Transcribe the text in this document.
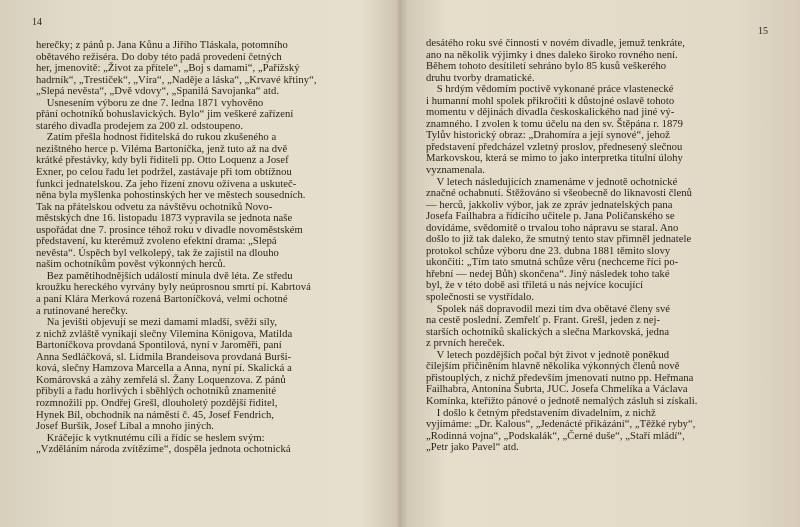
14
herečky; z pánů p. Jana Kůnu a Jiřího Tláskala, potomního
obětavého režiséra. Do doby této padá provedení četných
her, jmenovitě: „Život za přítele“, „Boj s damami“, „Pařížský
hadrník“, „Trestiček“, „Víra“, „Naděje a láska“, „Krvavé křtiny“,
„Slepá nevěsta“, „Dvě vdovy“, „Spanilá Savojanka“ atd.
Usnesením výboru ze dne 7. ledna 1871 vyhověno
přání ochotníků bohuslavických. Bylo“ jim veškeré zařízení
starého divadla prodejem za 200 zl. odstoupeno.
Zatím přešla hodnost řiditelská do rukou zkušeného a
nezištného herce p. Viléma Bartoníčka, jenž tuto až na dvě
krátké přestávky, kdy byli řiditeli pp. Otto Loquenz a Josef
Exner, po celou řadu let podržel, zastávaje při tom obtížnou
funkci jednatelskou. Za jeho řízení znovu ožívena a uskuteč-
něna byla myšlenka pohostinských her ve městech sousedních.
Tak na přátelskou odvetu za návštěvu ochotníků Novo-
městských dne 16. listopadu 1873 vypravila se jednota naše
uspořádat dne 7. prosince téhož roku v divadle novoměstském
představení, ku kterémuž zvoleno efektní drama: „Slepá
nevěsta“. Úspěch byl velkolepý, tak že zajistil na dlouho
našim ochotníkům pověst výkonných herců.
Bez pamětihodnějších událostí minula dvě léta. Ze středu
kroužku hereckého vyrvány byly neúprosnou smrtí pí. Kabrtová
a paní Klára Merková rozená Bartoníčková, velmi ochotné
a rutinované herečky.
Na jevišti objevují se mezi damami mladší, svěží síly,
z nichž zvláště vynikají slečny Vilemína Königova, Matilda
Bartoníčkova provdaná Spontilová, nyní v Jaroměři, paní
Anna Sedláčková, sl. Lidmila Brandeisova provdaná Burši-
ková, slečny Hamzova Marcella a Anna, nyní pí. Skalická a
Komárovská a záhy zemřelá sl. Žany Loquenzova. Z pánů
přibyli a řadu horlivých i sběhlých ochotníků znamenité
rozmnožili pp. Ondřej Grešl, dlouholetý pozdější řiditel,
Hynek Bíl, obchodník na náměstí č. 45, Josef Fendrich,
Josef Buršík, Josef Líbal a mnoho jiných.
Kráčejíc k vytknutému cíli a řídíc se heslem svým:
„Vzděláním národa zvítězíme“, dospěla jednota ochotnická
15
desátého roku své činnosti v novém divadle, jemuž tenkráte,
ano na několik výjimky i dnes daleko široko rovného není.
Během tohoto desítiletí sehráno bylo 85 kusů veškerého
druhu tvorby dramatické.
S hrdým vědomím poctivě vykonané práce vlastenecké
i humanní mohl spolek přikročiti k důstojné oslavě tohoto
momentu v dějinách divadla českoskalického nad jiné vý-
znamného. I zvolen k tomu účelu na den sv. Štěpána r. 1879
Tylův historický obraz: „Drahomíra a její synové“, jehož
představení předcházel vzletný proslov, přednesený slečnou
Markovskou, která se mimo to jako interpretka titulní úlohy
vyznamenala.
V letech následujících znamenáme v jednotě ochotnické
značné ochabnutí. Stěžováno si všeobecně do liknavosti členů
— herců, jakkoliv výbor, jak ze zpráv jednatelských pana
Josefa Failhabra a řídícího učitele p. Jana Poličanského se
dovídáme, svědomitě o trvalou toho nápravu se staral. Ano
došlo to již tak daleko, že smutný tento stav přimněl jednatele
protokol schůze výboru dne 23. dubna 1881 těmito slovy
ukončiti: „Tím tato smutná schůze věru (nechceme říci po-
hřební — nedej Bůh) skončena“. Jiný následek toho také
byl, že v této době asi třiletá u nás nejvíce kocující
společnosti se vystřídalo.
Spolek náš dopravodil mezi tím dva obětavé členy své
na cestě poslední. Zemřelť p. Frant. Grešl, jeden z nej-
starších ochotníků skalických a slečna Markovská, jedna
z prvních hereček.
V letech pozdějších počal být život v jednotě poněkud
čilejším přičiněním hlavně několika výkonných členů nově
přistouplých, z nichž především jmenovati nutno pp. Heřmana
Failhabra, Antonína Šubrta, JUC. Josefa Chmelíka a Václava
Komínka, kteřížto pánové o jednotě nemalých zásluh si získali.
I došlo k četným představením divadelním, z nichž
vyjímáme: „Dr. Kalous“, „Jedenácté přikázání“, „Těžké ryby“,
„Rodinná vojna“, „Podskalák“, „Černé duše“, „Staří mládí“,
„Petr jako Pavel“ atd.
